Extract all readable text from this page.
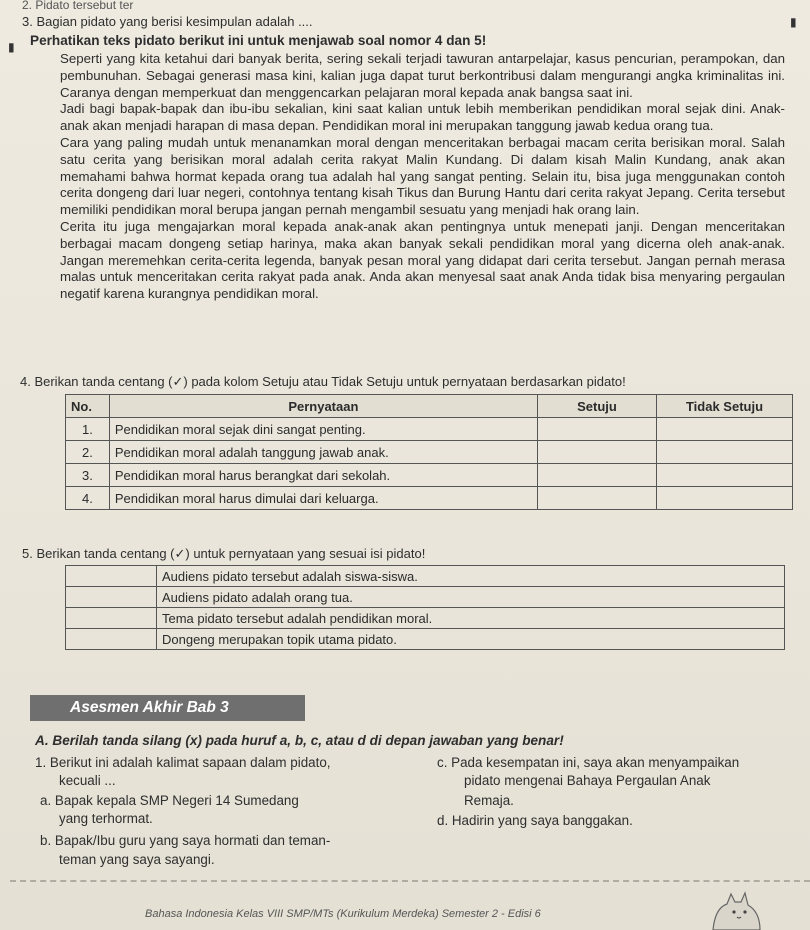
2. Pidato tersebut ter
3. Bagian pidato yang berisi kesimpulan adalah ....
Perhatikan teks pidato berikut ini untuk menjawab soal nomor 4 dan 5!

Seperti yang kita ketahui dari banyak berita, sering sekali terjadi tawuran antarpelajar, kasus pencurian, perampokan, dan pembunuhan. Sebagai generasi masa kini, kalian juga dapat turut berkontribusi dalam mengurangi angka kriminalitas ini. Caranya dengan memperkuat dan menggencarkan pelajaran moral kepada anak bangsa saat ini.

Jadi bagi bapak-bapak dan ibu-ibu sekalian, kini saat kalian untuk lebih memberikan pendidikan moral sejak dini. Anak-anak akan menjadi harapan di masa depan. Pendidikan moral ini merupakan tanggung jawab kedua orang tua.

Cara yang paling mudah untuk menanamkan moral dengan menceritakan berbagai macam cerita berisikan moral. Salah satu cerita yang berisikan moral adalah cerita rakyat Malin Kundang. Di dalam kisah Malin Kundang, anak akan memahami bahwa hormat kepada orang tua adalah hal yang sangat penting. Selain itu, bisa juga menggunakan contoh cerita dongeng dari luar negeri, contohnya tentang kisah Tikus dan Burung Hantu dari cerita rakyat Jepang. Cerita tersebut memiliki pendidikan moral berupa jangan pernah mengambil sesuatu yang menjadi hak orang lain.

Cerita itu juga mengajarkan moral kepada anak-anak akan pentingnya untuk menepati janji. Dengan menceritakan berbagai macam dongeng setiap harinya, maka akan banyak sekali pendidikan moral yang dicerna oleh anak-anak. Jangan meremehkan cerita-cerita legenda, banyak pesan moral yang didapat dari cerita tersebut. Jangan pernah merasa malas untuk menceritakan cerita rakyat pada anak. Anda akan menyesal saat anak Anda tidak bisa menyaring pergaulan negatif karena kurangnya pendidikan moral.

4. Berikan tanda centang (✓) pada kolom Setuju atau Tidak Setuju untuk pernyataan berdasarkan pidato!
No.	Pernyataan	Setuju	Tidak Setuju
1.	Pendidikan moral sejak dini sangat penting.		
2.	Pendidikan moral adalah tanggung jawab anak.		
3.	Pendidikan moral harus berangkat dari sekolah.		
4.	Pendidikan moral harus dimulai dari keluarga.		
5. Berikan tanda centang (✓) untuk pernyataan yang sesuai isi pidato!
	Audiens pidato tersebut adalah siswa-siswa.
	Audiens pidato adalah orang tua.
	Tema pidato tersebut adalah pendidikan moral.
	Dongeng merupakan topik utama pidato.
Asesmen Akhir Bab 3
A. Berilah tanda silang (x) pada huruf a, b, c, atau d di depan jawaban yang benar!
1. Berikut ini adalah kalimat sapaan dalam pidato,
kecuali ...
a. Bapak kepala SMP Negeri 14 Sumedang
yang terhormat.
b. Bapak/Ibu guru yang saya hormati dan teman-
teman yang saya sayangi.
c. Pada kesempatan ini, saya akan menyampaikan
pidato mengenai Bahaya Pergaulan Anak
Remaja.
d. Hadirin yang saya banggakan.
Bahasa Indonesia Kelas VIII SMP/MTs (Kurikulum Merdeka) Semester 2 - Edisi 6
▮
▮
